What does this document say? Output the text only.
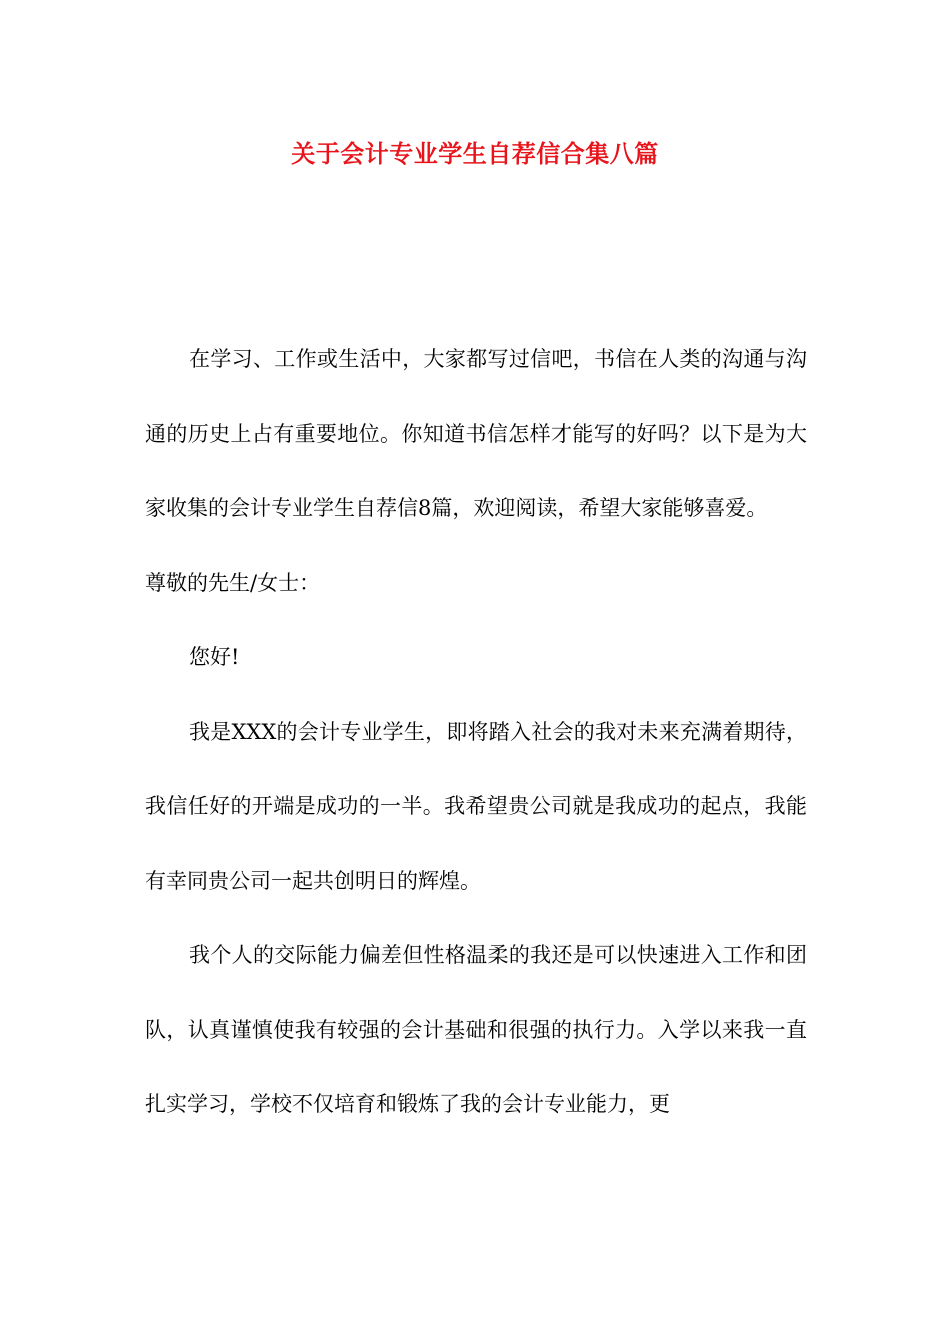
关于会计专业学生自荐信合集八篇

在学习、工作或生活中，大家都写过信吧，书信在人类的沟通与沟通的历史上占有重要地位。你知道书信怎样才能写的好吗？以下是为大家收集的会计专业学生自荐信8篇，欢迎阅读，希望大家能够喜爱。

尊敬的先生/女士：

您好!

我是XXX的会计专业学生，即将踏入社会的我对未来充满着期待，我信任好的开端是成功的一半。我希望贵公司就是我成功的起点，我能有幸同贵公司一起共创明日的辉煌。

我个人的交际能力偏差但性格温柔的我还是可以快速进入工作和团队，认真谨慎使我有较强的会计基础和很强的执行力。入学以来我一直扎实学习，学校不仅培育和锻炼了我的会计专业能力，更
